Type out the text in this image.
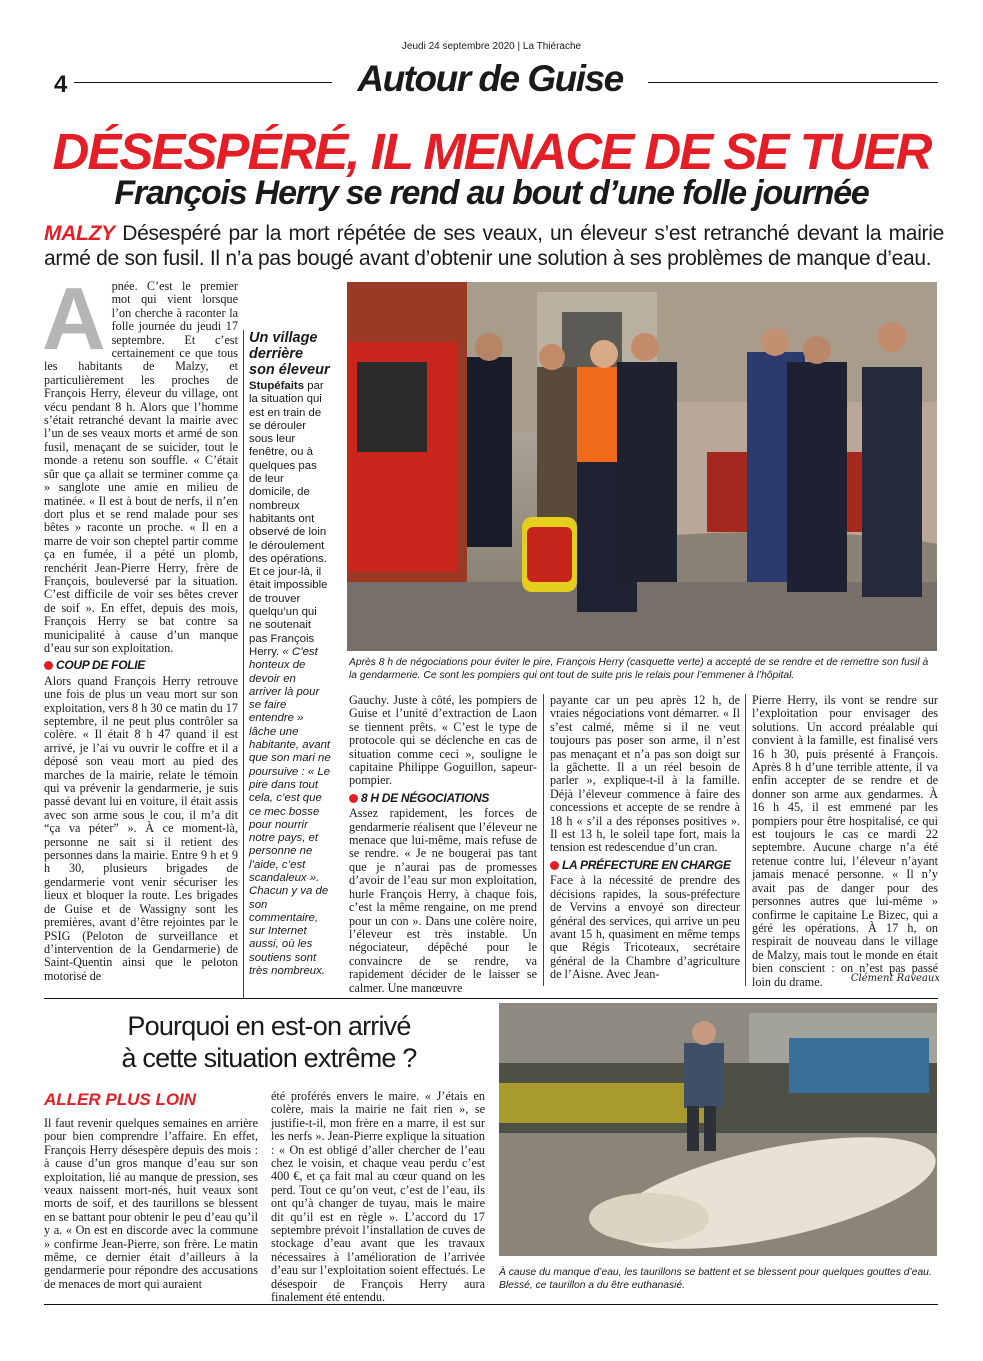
Jeudi 24 septembre 2020 | La Thiérache
4	Autour de Guise
DÉSESPÉRÉ, IL MENACE DE SE TUER
François Herry se rend au bout d’une folle journée
MALZY Désespéré par la mort répétée de ses veaux, un éleveur s’est retranché devant la mairie armé de son fusil. Il n’a pas bougé avant d’obtenir une solution à ses problèmes de manque d’eau.
A pnée. C’est le premier mot qui vient lorsque l’on cherche à raconter la folle journée du jeudi 17 septembre. Et c’est certainement ce que tous les habitants de Malzy, et particulièrement les proches de François Herry, éleveur du village, ont vécu pendant 8 h. Alors que l’homme s’était retranché devant la mairie avec l’un de ses veaux morts et armé de son fusil, menaçant de se suicider, tout le monde a retenu son souffle. « C’était sûr que ça allait se terminer comme ça » sanglote une amie en milieu de matinée. « Il est à bout de nerfs, il n’en dort plus et se rend malade pour ses bêtes » raconte un proche. « Il en a marre de voir son cheptel partir comme ça en fumée, il a pété un plomb, renchérit Jean-Pierre Herry, frère de François, bouleversé par la situation. C’est difficile de voir ses bêtes crever de soif ». En effet, depuis des mois, François Herry se bat contre sa municipalité à cause d’un manque d’eau sur son exploitation.

COUP DE FOLIE

Alors quand François Herry retrouve une fois de plus un veau mort sur son exploitation, vers 8 h 30 ce matin du 17 septembre, il ne peut plus contrôler sa colère. « Il était 8 h 47 quand il est arrivé, je l’ai vu ouvrir le coffre et il a déposé son veau mort au pied des marches de la mairie, relate le témoin qui va prévenir la gendarmerie, je suis passé devant lui en voiture, il était assis avec son arme sous le cou, il m’a dit “ça va péter” ». À ce moment-là, personne ne sait si il retient des personnes dans la mairie. Entre 9 h et 9 h 30, plusieurs brigades de gendarmerie vont venir sécuriser les lieux et bloquer la route. Les brigades de Guise et de Wassigny sont les premières, avant d’être rejointes par le PSIG (Peloton de surveillance et d’intervention de la Gendarmerie) de Saint-Quentin ainsi que le peloton motorisé de

Un village derrière son éleveur
Stupéfaits par la situation qui est en train de se dérouler sous leur fenêtre, ou à quelques pas de leur domicile, de nombreux habitants ont observé de loin le déroulement des opérations. Et ce jour-là, il était impossible de trouver quelqu’un qui ne soutenait pas François Herry. « C’est honteux de devoir en arriver là pour se faire entendre » lâche une habitante, avant que son mari ne poursuive : « Le pire dans tout cela, c’est que ce mec bosse pour nourrir notre pays, et personne ne l’aide, c’est scandaleux ». Chacun y va de son commentaire, sur Internet aussi, où les soutiens sont très nombreux.
Après 8 h de négociations pour éviter le pire, François Herry (casquette verte) a accepté de se rendre et de remettre son fusil à la gendarmerie. Ce sont les pompiers qui ont tout de suite pris le relais pour l’emmener à l’hôpital.

Gauchy. Juste à côté, les pompiers de Guise et l’unité d’extraction de Laon se tiennent prêts. « C’est le type de protocole qui se déclenche en cas de situation comme ceci », souligne le capitaine Philippe Goguillon, sapeur-pompier.

8 H DE NÉGOCIATIONS

Assez rapidement, les forces de gendarmerie réalisent que l’éleveur ne menace que lui-même, mais refuse de se rendre. « Je ne bougerai pas tant que je n’aurai pas de promesses d’avoir de l’eau sur mon exploitation, hurle François Herry, à chaque fois, c’est la même rengaine, on me prend pour un con ». Dans une colère noire, l’éleveur est très instable. Un négociateur, dépêché pour le convaincre de se rendre, va rapidement décider de le laisser se calmer. Une manœuvre

payante car un peu après 12 h, de vraies négociations vont démarrer. « Il s’est calmé, même si il ne veut toujours pas poser son arme, il n’est pas menaçant et n’a pas son doigt sur la gâchette. Il a un réel besoin de parler », explique-t-il à la famille. Déjà l’éleveur commence à faire des concessions et accepte de se rendre à 18 h « s’il a des réponses positives ». Il est 13 h, le soleil tape fort, mais la tension est redescendue d’un cran.

LA PRÉFECTURE EN CHARGE

Face à la nécessité de prendre des décisions rapides, la sous-préfecture de Vervins a envoyé son directeur général des services, qui arrive un peu avant 15 h, quasiment en même temps que Régis Tricoteaux, secrétaire général de la Chambre d’agriculture de l’Aisne. Avec Jean-

Pierre Herry, ils vont se rendre sur l’exploitation pour envisager des solutions. Un accord préalable qui convient à la famille, est finalisé vers 16 h 30, puis présenté à François. Après 8 h d’une terrible attente, il va enfin accepter de se rendre et de donner son arme aux gendarmes. À 16 h 45, il est emmené par les pompiers pour être hospitalisé, ce qui est toujours le cas ce mardi 22 septembre. Aucune charge n’a été retenue contre lui, l’éleveur n’ayant jamais menacé personne. « Il n’y avait pas de danger pour des personnes autres que lui-même » confirme le capitaine Le Bizec, qui a géré les opérations. À 17 h, on respirait de nouveau dans le village de Malzy, mais tout le monde en était bien conscient : on n’est pas passé loin du drame.	Clément Raveaux
Pourquoi en est-on arrivé
à cette situation extrême ?
ALLER PLUS LOIN

Il faut revenir quelques semaines en arrière pour bien comprendre l’affaire. En effet, François Herry désespère depuis des mois : à cause d’un gros manque d’eau sur son exploitation, lié au manque de pression, ses veaux naissent mort-nés, huit veaux sont morts de soif, et des taurillons se blessent en se battant pour obtenir le peu d’eau qu’il y a. « On est en discorde avec la commune » confirme Jean-Pierre, son frère. Le matin même, ce dernier était d’ailleurs à la gendarmerie pour répondre des accusations de menaces de mort qui auraient

été proférés envers le maire. « J’étais en colère, mais la mairie ne fait rien », se justifie-t-il, mon frère en a marre, il est sur les nerfs ». Jean-Pierre explique la situation : « On est obligé d’aller chercher de l’eau chez le voisin, et chaque veau perdu c’est 400 €, et ça fait mal au cœur quand on les perd. Tout ce qu’on veut, c’est de l’eau, ils ont qu’à changer de tuyau, mais le maire dit qu’il est en règle ». L’accord du 17 septembre prévoit l’installation de cuves de stockage d’eau avant que les travaux nécessaires à l’amélioration de l’arrivée d’eau sur l’exploitation soient effectués. Le désespoir de François Herry aura finalement été entendu.

À cause du manque d’eau, les taurillons se battent et se blessent pour quelques gouttes d’eau. Blessé, ce taurillon a du être euthanasié.
